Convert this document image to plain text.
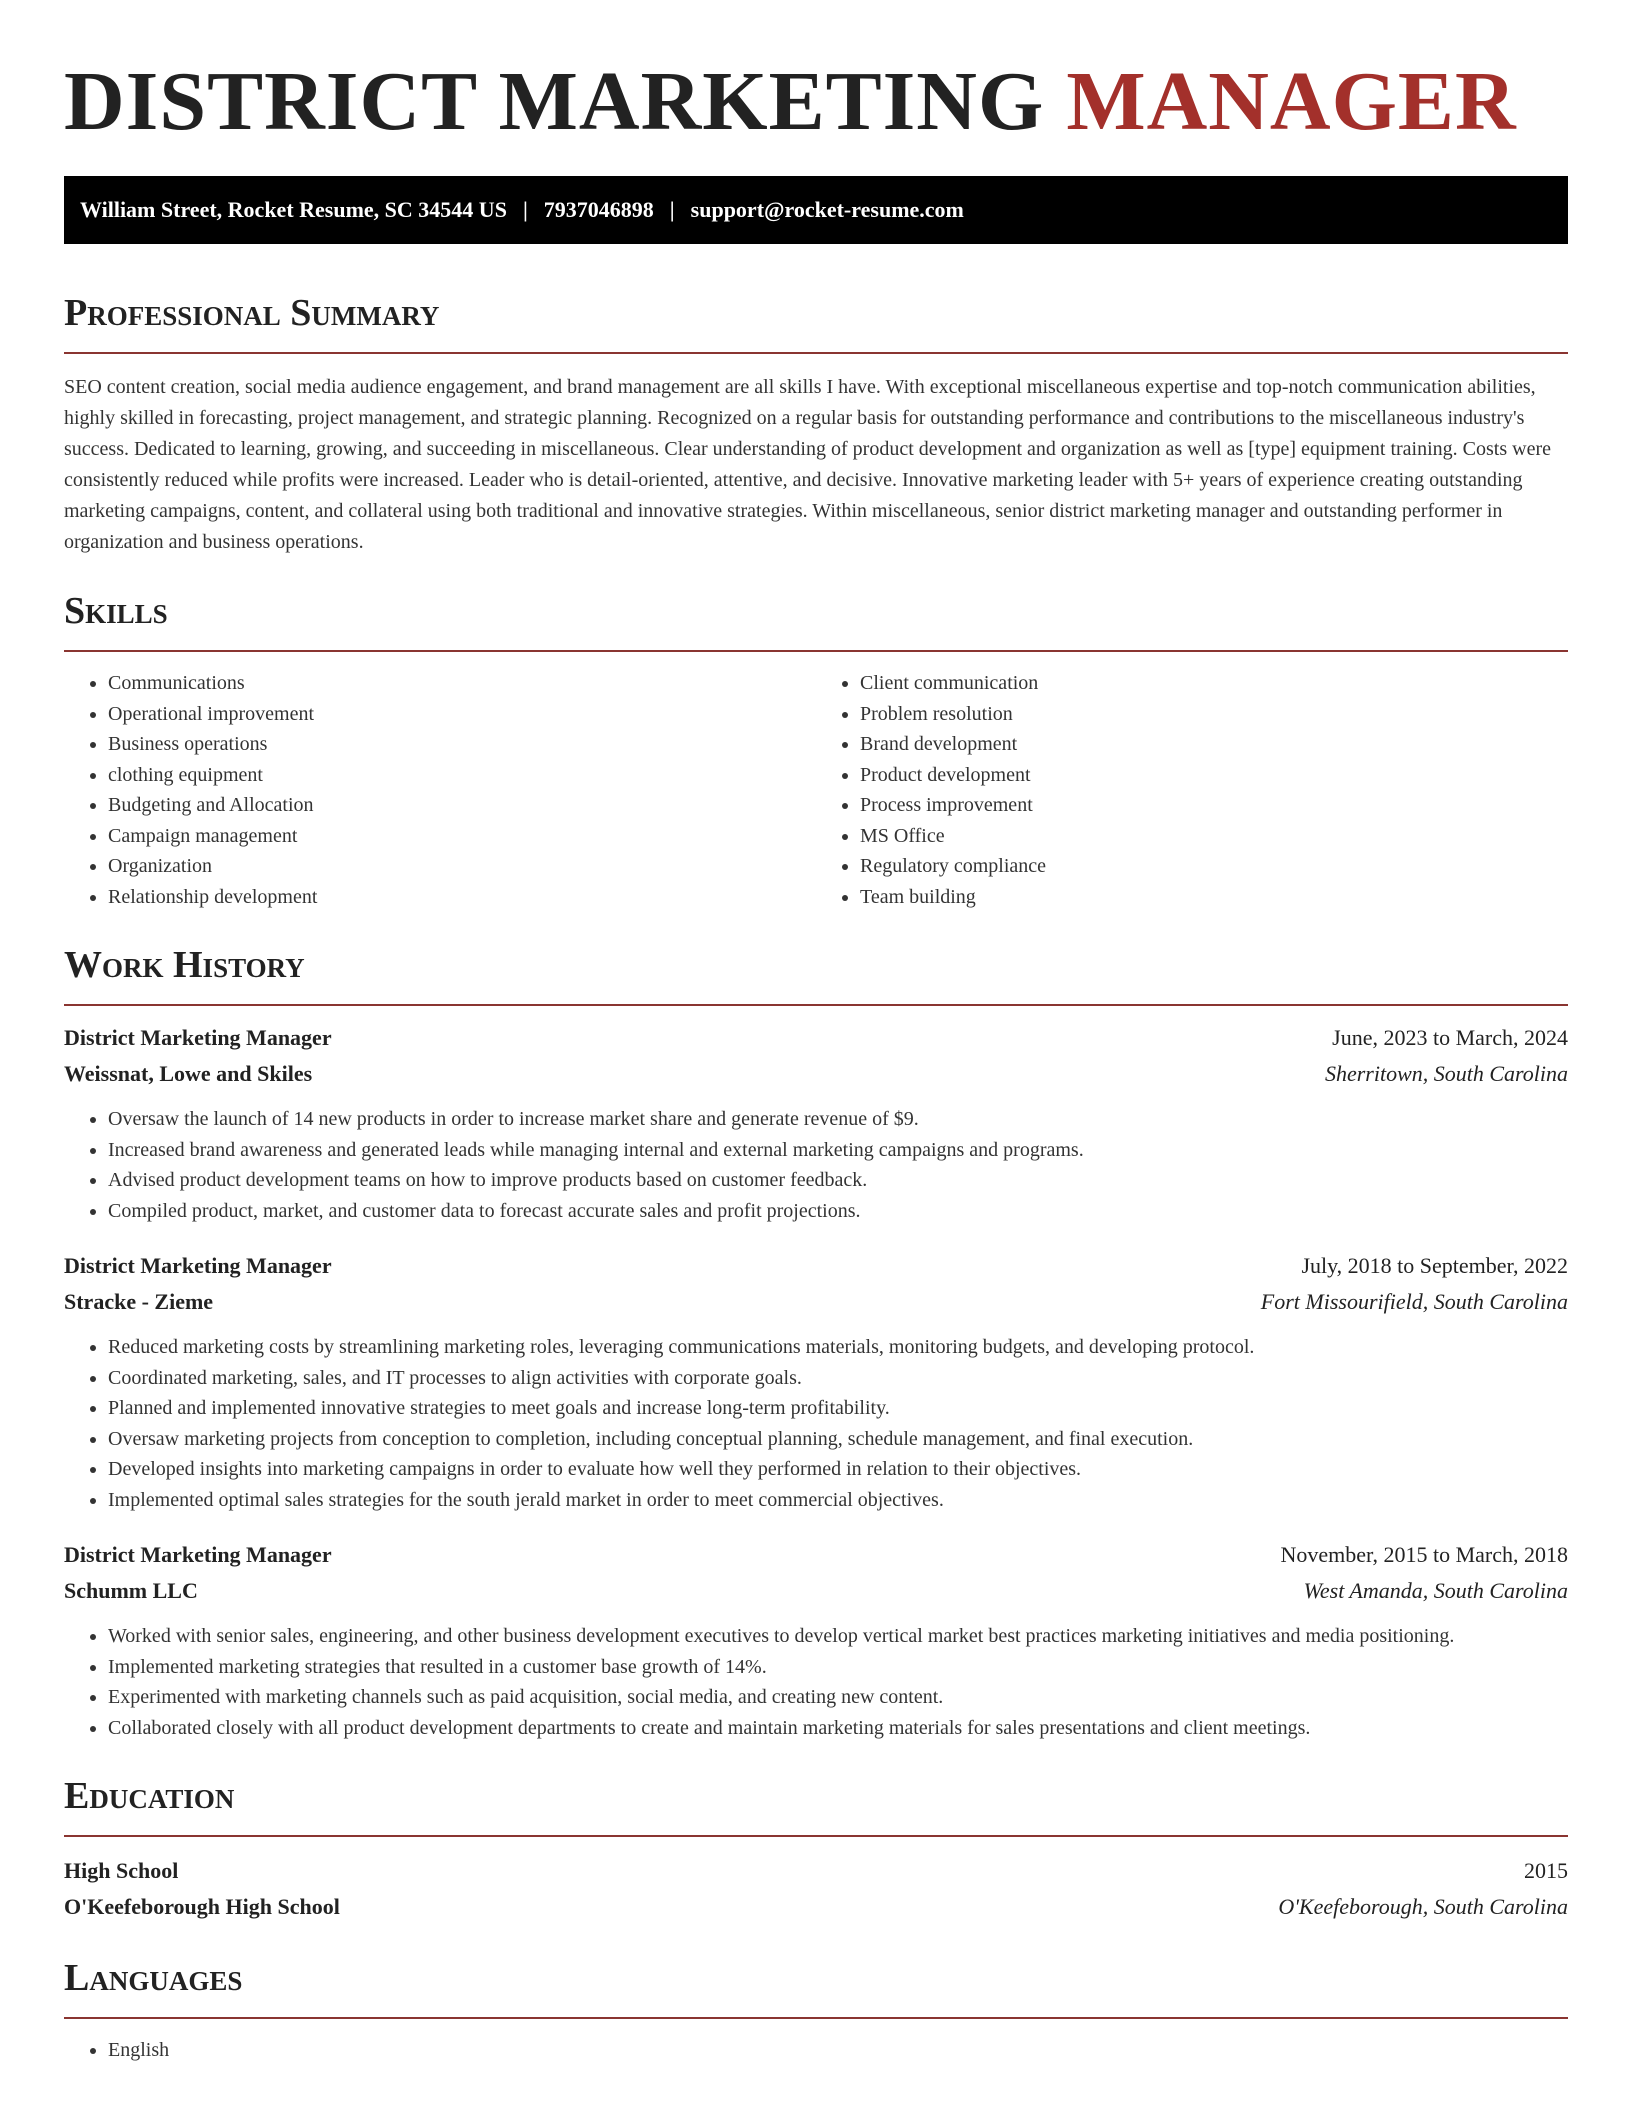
DISTRICT MARKETING MANAGER
William Street, Rocket Resume, SC 34544 US | 7937046898 | support@rocket-resume.com
Professional Summary

SEO content creation, social media audience engagement, and brand management are all skills I have. With exceptional miscellaneous expertise and top-notch communication abilities, highly skilled in forecasting, project management, and strategic planning. Recognized on a regular basis for outstanding performance and contributions to the miscellaneous industry's success. Dedicated to learning, growing, and succeeding in miscellaneous. Clear understanding of product development and organization as well as [type] equipment training. Costs were consistently reduced while profits were increased. Leader who is detail-oriented, attentive, and decisive. Innovative marketing leader with 5+ years of experience creating outstanding marketing campaigns, content, and collateral using both traditional and innovative strategies. Within miscellaneous, senior district marketing manager and outstanding performer in organization and business operations.

Skills
• Communications
• Operational improvement
• Business operations
• clothing equipment
• Budgeting and Allocation
• Campaign management
• Organization
• Relationship development
• Client communication
• Problem resolution
• Brand development
• Product development
• Process improvement
• MS Office
• Regulatory compliance
• Team building
Work History
District Marketing Manager	June, 2023 to March, 2024
Weissnat, Lowe and Skiles	Sherritown, South Carolina
• Oversaw the launch of 14 new products in order to increase market share and generate revenue of $9.
• Increased brand awareness and generated leads while managing internal and external marketing campaigns and programs.
• Advised product development teams on how to improve products based on customer feedback.
• Compiled product, market, and customer data to forecast accurate sales and profit projections.
District Marketing Manager	July, 2018 to September, 2022
Stracke - Zieme	Fort Missourifield, South Carolina
• Reduced marketing costs by streamlining marketing roles, leveraging communications materials, monitoring budgets, and developing protocol.
• Coordinated marketing, sales, and IT processes to align activities with corporate goals.
• Planned and implemented innovative strategies to meet goals and increase long-term profitability.
• Oversaw marketing projects from conception to completion, including conceptual planning, schedule management, and final execution.
• Developed insights into marketing campaigns in order to evaluate how well they performed in relation to their objectives.
• Implemented optimal sales strategies for the south jerald market in order to meet commercial objectives.
District Marketing Manager	November, 2015 to March, 2018
Schumm LLC	West Amanda, South Carolina
• Worked with senior sales, engineering, and other business development executives to develop vertical market best practices marketing initiatives and media positioning.
• Implemented marketing strategies that resulted in a customer base growth of 14%.
• Experimented with marketing channels such as paid acquisition, social media, and creating new content.
• Collaborated closely with all product development departments to create and maintain marketing materials for sales presentations and client meetings.
Education
High School	2015
O'Keefeborough High School	O'Keefeborough, South Carolina
Languages
• English
